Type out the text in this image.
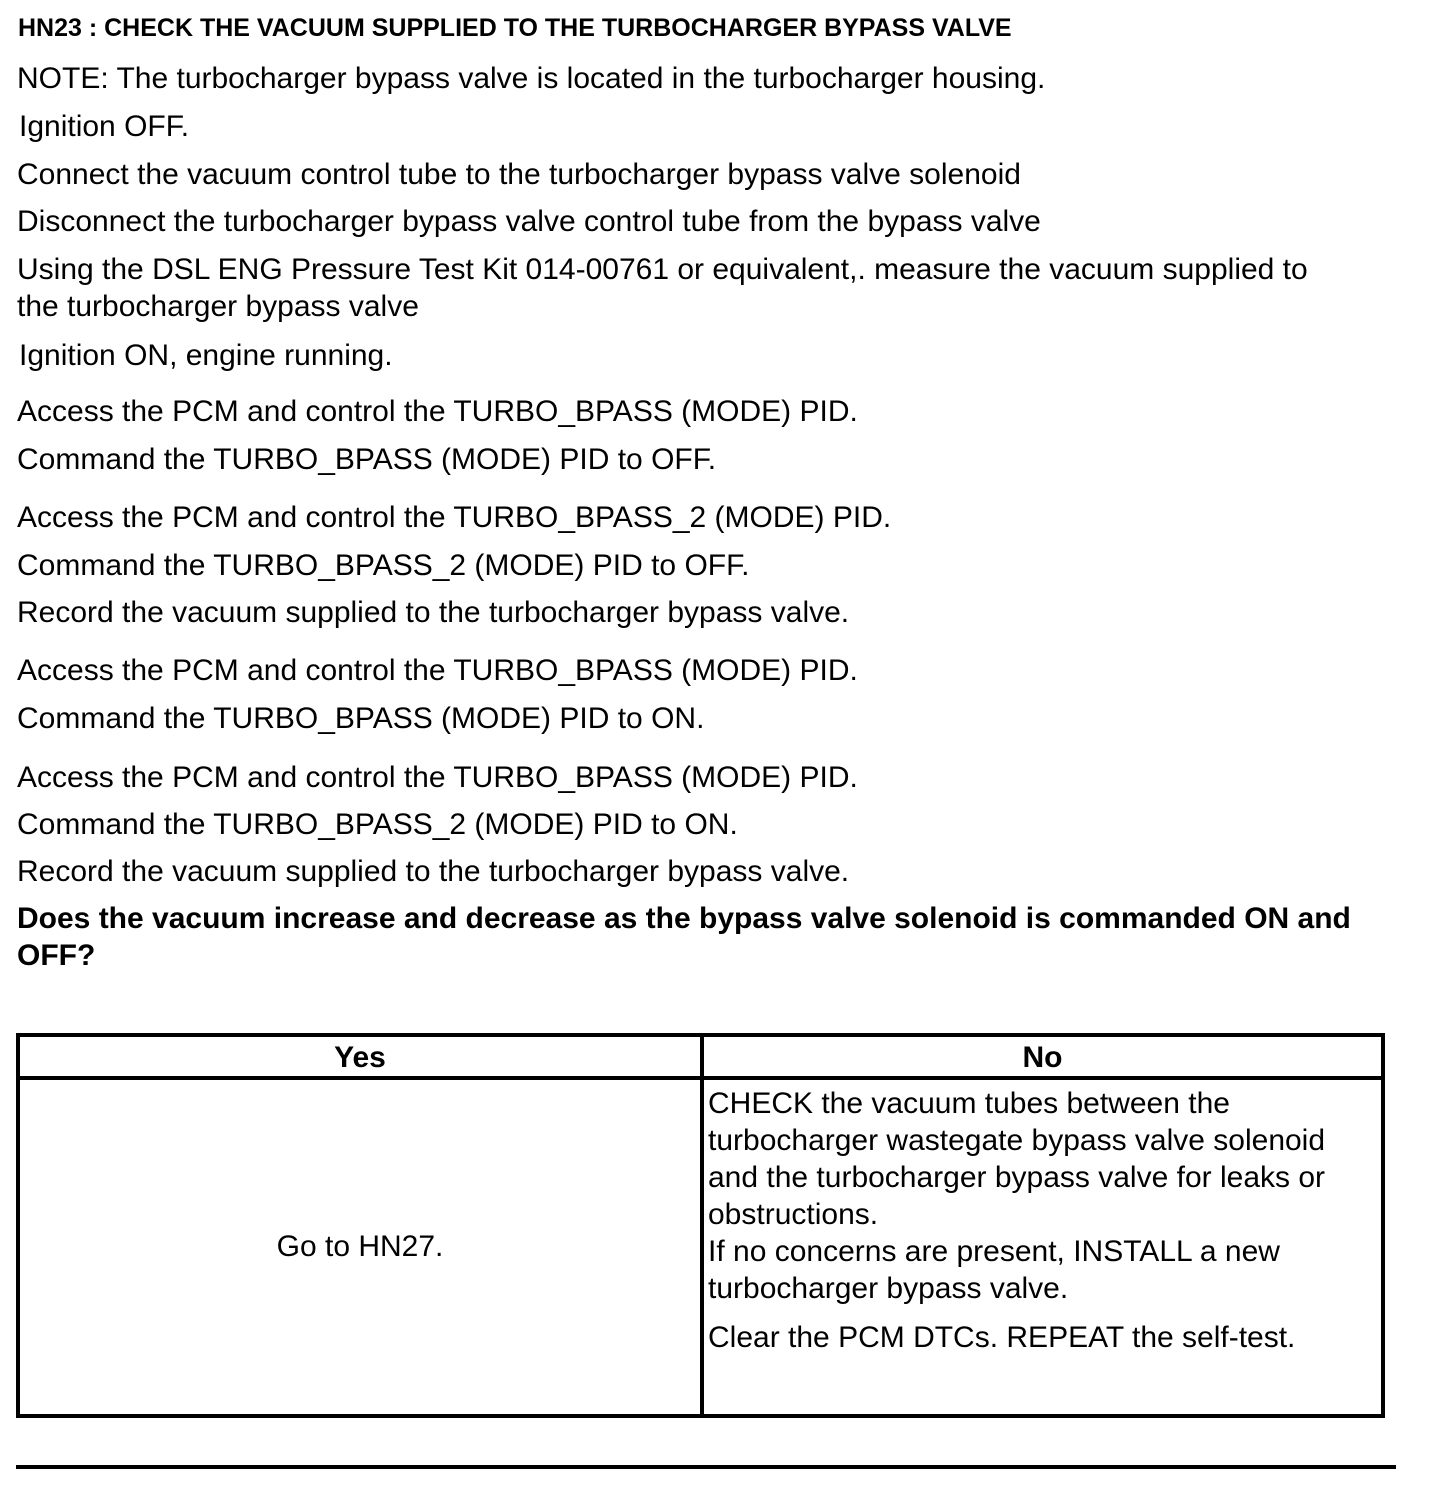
HN23 : CHECK THE VACUUM SUPPLIED TO THE TURBOCHARGER BYPASS VALVE
NOTE: The turbocharger bypass valve is located in the turbocharger housing.
Ignition OFF.
Connect the vacuum control tube to the turbocharger bypass valve solenoid
Disconnect the turbocharger bypass valve control tube from the bypass valve
Using the DSL ENG Pressure Test Kit 014-00761 or equivalent,. measure the vacuum supplied to the turbocharger bypass valve
Ignition ON, engine running.
Access the PCM and control the TURBO_BPASS (MODE) PID.
Command the TURBO_BPASS (MODE) PID to OFF.
Access the PCM and control the TURBO_BPASS_2 (MODE) PID.
Command the TURBO_BPASS_2 (MODE) PID to OFF.
Record the vacuum supplied to the turbocharger bypass valve.
Access the PCM and control the TURBO_BPASS (MODE) PID.
Command the TURBO_BPASS (MODE) PID to ON.
Access the PCM and control the TURBO_BPASS (MODE) PID.
Command the TURBO_BPASS_2 (MODE) PID to ON.
Record the vacuum supplied to the turbocharger bypass valve.
Does the vacuum increase and decrease as the bypass valve solenoid is commanded ON and OFF?
Yes	No
Go to HN27.

CHECK the vacuum tubes between the turbocharger wastegate bypass valve solenoid and the turbocharger bypass valve for leaks or obstructions.

If no concerns are present, INSTALL a new turbocharger bypass valve.

Clear the PCM DTCs. REPEAT the self-test.
